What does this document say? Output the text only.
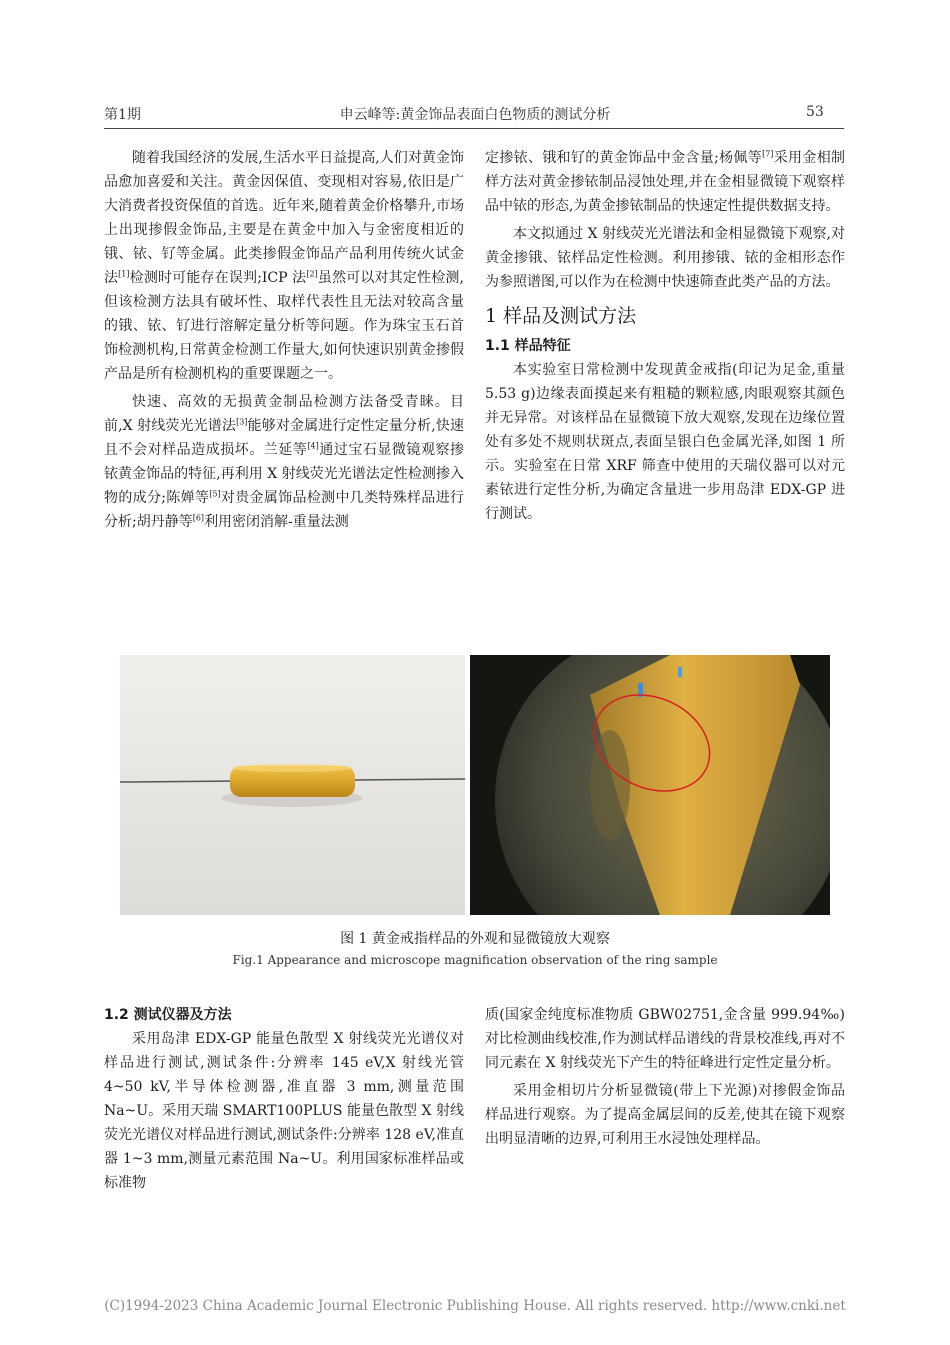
第1期	申云峰等:黄金饰品表面白色物质的测试分析	53

随着我国经济的发展,生活水平日益提高,人们对黄金饰品愈加喜爱和关注。黄金因保值、变现相对容易,依旧是广大消费者投资保值的首选。近年来,随着黄金价格攀升,市场上出现掺假金饰品,主要是在黄金中加入与金密度相近的锇、铱、钌等金属。此类掺假金饰品产品利用传统火试金法[1]检测时可能存在误判;ICP 法[2]虽然可以对其定性检测,但该检测方法具有破坏性、取样代表性且无法对较高含量的锇、铱、钌进行溶解定量分析等问题。作为珠宝玉石首饰检测机构,日常黄金检测工作量大,如何快速识别黄金掺假产品是所有检测机构的重要课题之一。

快速、高效的无损黄金制品检测方法备受青睐。目前,X 射线荧光光谱法[3]能够对金属进行定性定量分析,快速且不会对样品造成损坏。兰延等[4]通过宝石显微镜观察掺铱黄金饰品的特征,再利用 X 射线荧光光谱法定性检测掺入物的成分;陈婵等[5]对贵金属饰品检测中几类特殊样品进行分析;胡丹静等[6]利用密闭消解-重量法测

定掺铱、锇和钌的黄金饰品中金含量;杨佩等[7]采用金相制样方法对黄金掺铱制品浸蚀处理,并在金相显微镜下观察样品中铱的形态,为黄金掺铱制品的快速定性提供数据支持。

本文拟通过 X 射线荧光光谱法和金相显微镜下观察,对黄金掺锇、铱样品定性检测。利用掺锇、铱的金相形态作为参照谱图,可以作为在检测中快速筛查此类产品的方法。

1 样品及测试方法
1.1 样品特征

本实验室日常检测中发现黄金戒指(印记为足金,重量 5.53 g)边缘表面摸起来有粗糙的颗粒感,肉眼观察其颜色并无异常。对该样品在显微镜下放大观察,发现在边缘位置处有多处不规则状斑点,表面呈银白色金属光泽,如图 1 所示。实验室在日常 XRF 筛查中使用的天瑞仪器可以对元素铱进行定性分析,为确定含量进一步用岛津 EDX-GP 进行测试。

图 1 黄金戒指样品的外观和显微镜放大观察
Fig.1 Appearance and microscope magnification observation of the ring sample
1.2 测试仪器及方法

采用岛津 EDX-GP 能量色散型 X 射线荧光光谱仪对样品进行测试,测试条件:分辨率 145 eV,X 射线光管 4~50 kV,半导体检测器,准直器 3 mm,测量范围 Na~U。采用天瑞 SMART100PLUS 能量色散型 X 射线荧光光谱仪对样品进行测试,测试条件:分辨率 128 eV,准直器 1~3 mm,测量元素范围 Na~U。利用国家标准样品或标准物

质(国家金纯度标准物质 GBW02751,金含量 999.94‰)对比检测曲线校准,作为测试样品谱线的背景校准线,再对不同元素在 X 射线荧光下产生的特征峰进行定性定量分析。

采用金相切片分析显微镜(带上下光源)对掺假金饰品样品进行观察。为了提高金属层间的反差,使其在镜下观察出明显清晰的边界,可利用王水浸蚀处理样品。

(C)1994-2023 China Academic Journal Electronic Publishing House. All rights reserved. http://www.cnki.net
